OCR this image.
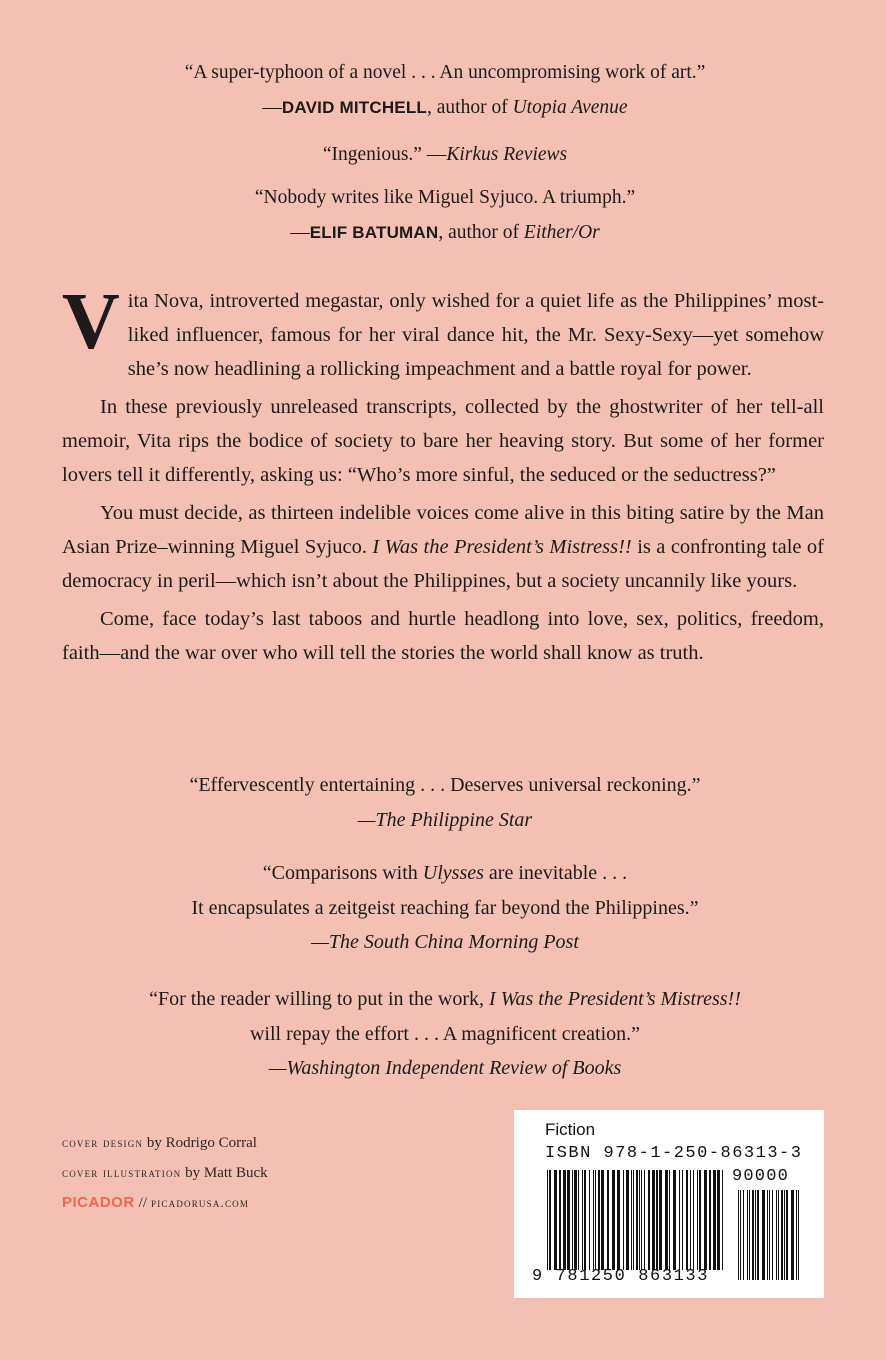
“A super-typhoon of a novel . . . An uncompromising work of art.”
—DAVID MITCHELL, author of Utopia Avenue
“Ingenious.” —Kirkus Reviews
“Nobody writes like Miguel Syjuco. A triumph.”
—ELIF BATUMAN, author of Either/Or

Vita Nova, introverted megastar, only wished for a quiet life as the Philippines’ most-liked influencer, famous for her viral dance hit, the Mr. Sexy-Sexy—yet somehow she’s now headlining a rollicking impeachment and a battle royal for power.

In these previously unreleased transcripts, collected by the ghostwriter of her tell-all memoir, Vita rips the bodice of society to bare her heaving story. But some of her former lovers tell it differently, asking us: “Who’s more sinful, the seduced or the seductress?”

You must decide, as thirteen indelible voices come alive in this biting satire by the Man Asian Prize–winning Miguel Syjuco. I Was the President’s Mistress!! is a confronting tale of democracy in peril—which isn’t about the Philippines, but a society uncannily like yours.

Come, face today’s last taboos and hurtle headlong into love, sex, politics, freedom, faith—and the war over who will tell the stories the world shall know as truth.

“Effervescently entertaining . . . Deserves universal reckoning.”
—The Philippine Star
“Comparisons with Ulysses are inevitable . . .
It encapsulates a zeitgeist reaching far beyond the Philippines.”
—The South China Morning Post
“For the reader willing to put in the work, I Was the President’s Mistress!!
will repay the effort . . . A magnificent creation.”
—Washington Independent Review of Books
cover design by Rodrigo Corral
cover illustration by Matt Buck
PICADOR // picadorusa.com
Fiction
ISBN 978-1-250-86313-3
90000
9 781250 863133
